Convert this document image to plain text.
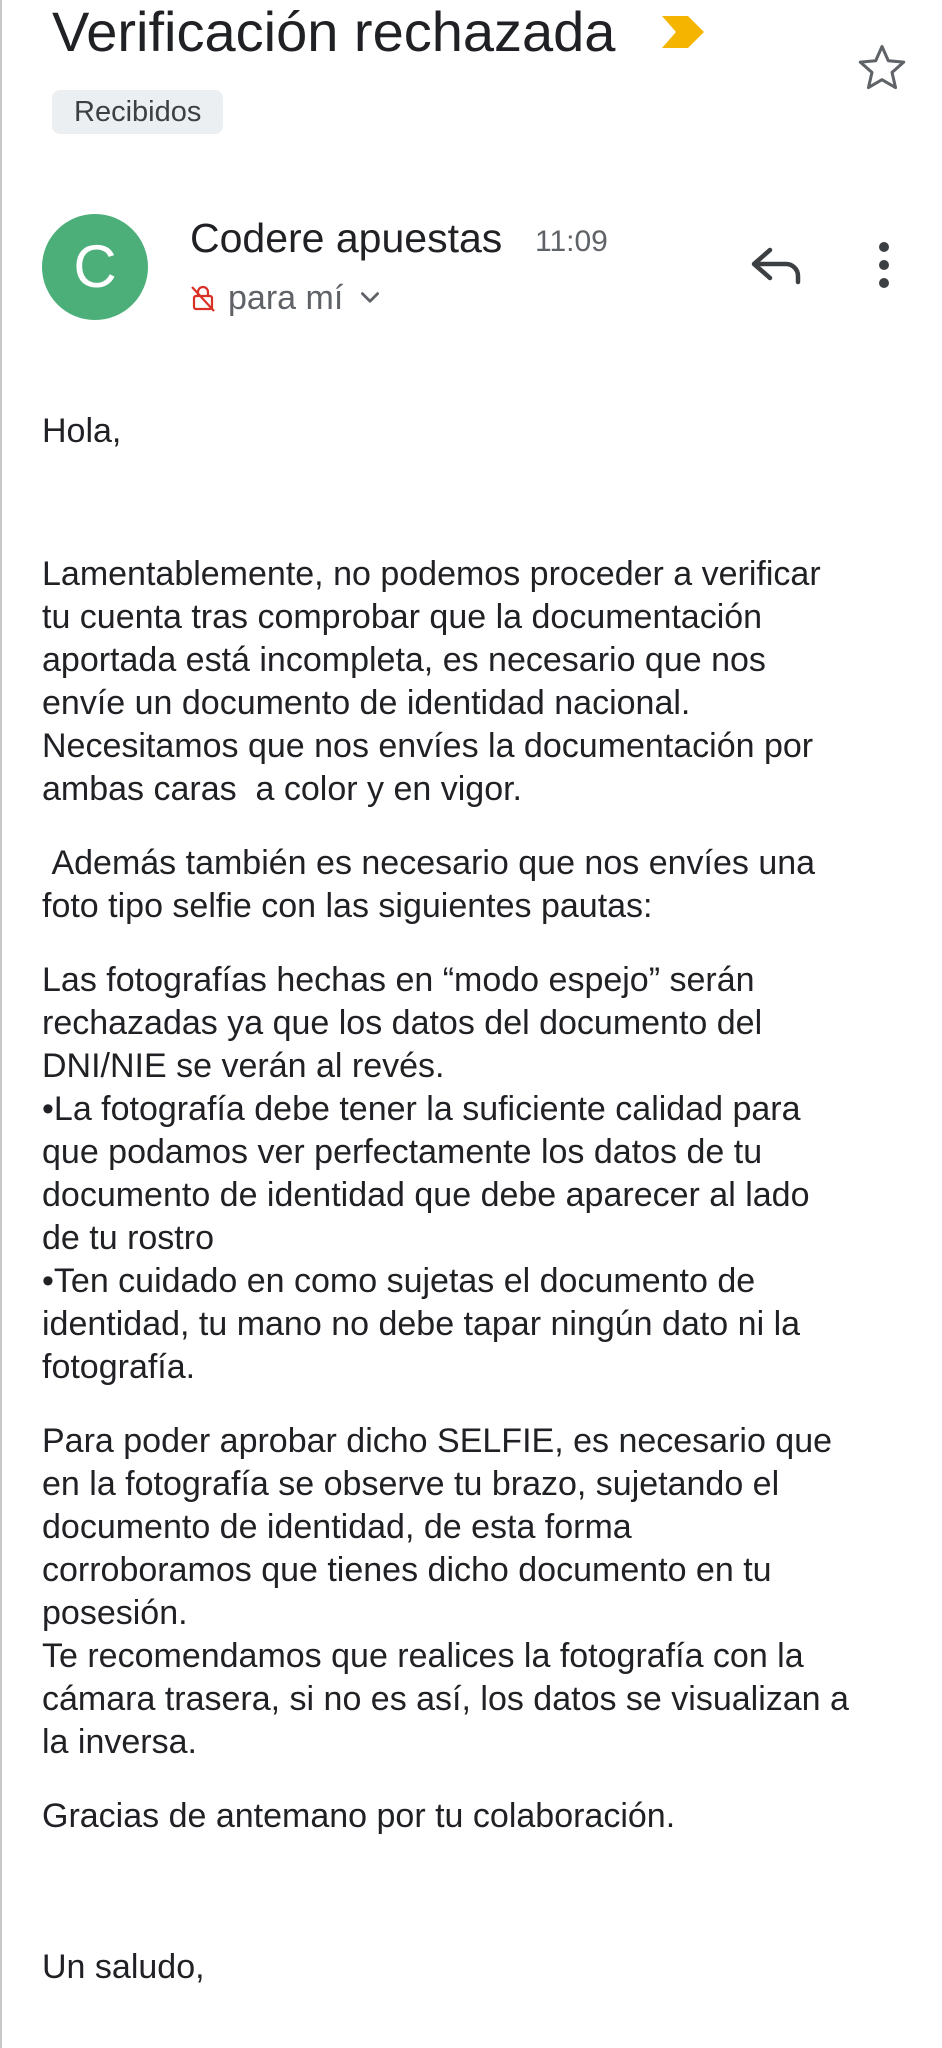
Verificación rechazada
Recibidos
C	Codere apuestas 11:09
para mí

Hola,

Lamentablemente, no podemos proceder a verificar
tu cuenta tras comprobar que la documentación
aportada está incompleta, es necesario que nos
envíe un documento de identidad nacional.
Necesitamos que nos envíes la documentación por
ambas caras  a color y en vigor.

Además también es necesario que nos envíes una
foto tipo selfie con las siguientes pautas:

Las fotografías hechas en “modo espejo” serán
rechazadas ya que los datos del documento del
DNI/NIE se verán al revés.
•La fotografía debe tener la suficiente calidad para
que podamos ver perfectamente los datos de tu
documento de identidad que debe aparecer al lado
de tu rostro
•Ten cuidado en como sujetas el documento de
identidad, tu mano no debe tapar ningún dato ni la
fotografía.

Para poder aprobar dicho SELFIE, es necesario que
en la fotografía se observe tu brazo, sujetando el
documento de identidad, de esta forma
corroboramos que tienes dicho documento en tu
posesión.
Te recomendamos que realices la fotografía con la
cámara trasera, si no es así, los datos se visualizan a
la inversa.

Gracias de antemano por tu colaboración.

Un saludo,
